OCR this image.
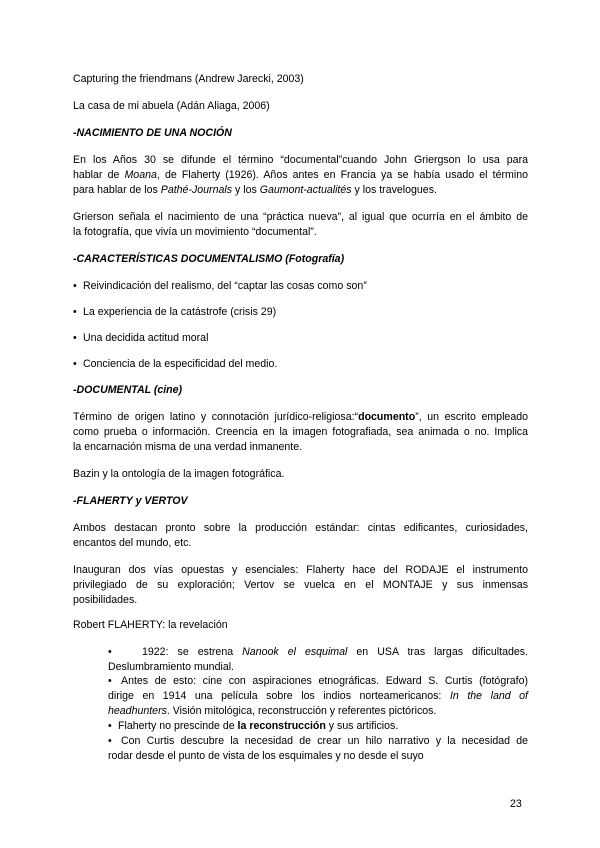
Capturing the friendmans (Andrew Jarecki, 2003)
La casa de mi abuela (Adán Aliaga, 2006)
-NACIMIENTO DE UNA NOCIÓN
En los Años 30 se difunde el término “documental”cuando John Griergson lo usa para
hablar de Moana, de Flaherty (1926). Años antes en Francia ya se había usado el término
para hablar de los Pathé-Journals y los Gaumont-actualités y los travelogues.
Grierson señala el nacimiento de una “práctica nueva”, al igual que ocurría en el ámbito de
la fotografía, que vivía un movimiento “documental”.
-CARACTERÍSTICAS DOCUMENTALISMO (Fotografía)
• Reivindicación del realismo, del “captar las cosas como son”
• La experiencia de la catástrofe (crisis 29)
• Una decidida actitud moral
• Conciencia de la especificidad del medio.
-DOCUMENTAL (cine)
Término de origen latino y connotación jurídico-religiosa:“documento”, un escrito empleado
como prueba o información. Creencia en la imagen fotografiada, sea animada o no. Implica
la encarnación misma de una verdad inmanente.
Bazin y la ontología de la imagen fotográfica.
-FLAHERTY y VERTOV
Ambos destacan pronto sobre la producción estándar: cintas edificantes, curiosidades,
encantos del mundo, etc.
Inauguran dos vías opuestas y esenciales: Flaherty hace del RODAJE el instrumento
privilegiado de su exploración; Vertov se vuelca en el MONTAJE y sus inmensas
posibilidades.
Robert FLAHERTY: la revelación
•	1922: se estrena Nanook el esquimal en USA tras largas dificultades.
Deslumbramiento mundial.
• Antes de esto: cine con aspiraciones etnográficas. Edward S. Curtis (fotógrafo)
dirige en 1914 una película sobre los indios norteamericanos: In the land of
headhunters. Visión mitológica, reconstrucción y referentes pictóricos.
• Flaherty no prescinde de la reconstrucción y sus artificios.
• Con Curtis descubre la necesidad de crear un hilo narrativo y la necesidad de
rodar desde el punto de vista de los esquimales y no desde el suyo
23
